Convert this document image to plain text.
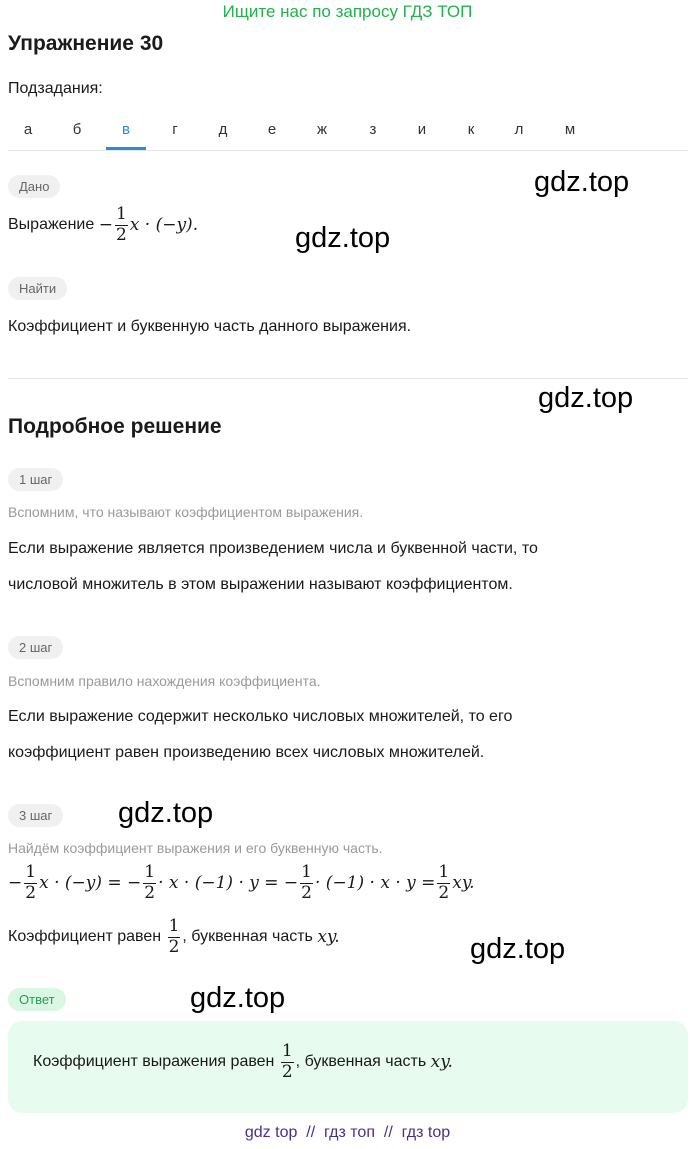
Ищите нас по запросу ГДЗ ТОП
Упражнение 30
Подзадания:
а	б	в	г	д	е	ж	з	и	к	л	м
Дано	gdz.top
Выражение
− $\frac{1}{2}$ x · (−y).	gdz.top
Найти
Коэффициент и буквенную часть данного выражения.
gdz.top
Подробное решение
1 шаг
Вспомним, что называют коэффициентом выражения.
Если выражение является произведением числа и буквенной части, то
числовой множитель в этом выражении называют коэффициентом.
2 шаг
Вспомним правило нахождения коэффициента.
Если выражение содержит несколько числовых множителей, то его
коэффициент равен произведению всех числовых множителей.
3 шаг	gdz.top
Найдём коэффициент выражения и его буквенную часть.
− $\frac{1}{2}$ x · (−y) = − $\frac{1}{2} \cdot x \cdot (-1) \cdot y$ = − $\frac{1}{2} \cdot (-1) \cdot x \cdot y = \frac{1}{2}$ xy.
Коэффициент равен
$\frac{1}{2}$ , буквенная часть
xy.	gdz.top
Ответ	gdz.top
Коэффициент выражения равен
$\frac{1}{2}$ , буквенная часть
xy.
gdz top  //  гдз топ  //  гдз top
